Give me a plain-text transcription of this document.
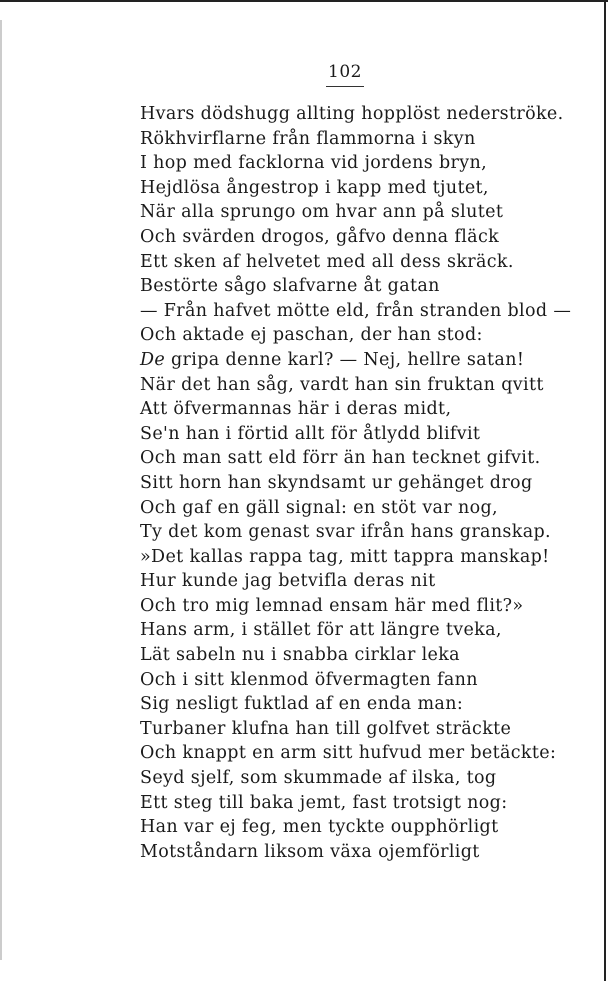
102
Hvars dödshugg allting hopplöst nederströke.
Rökhvirflarne från flammorna i skyn
I hop med facklorna vid jordens bryn,
Hejdlösa ångestrop i kapp med tjutet,
När alla sprungo om hvar ann på slutet
Och svärden drogos, gåfvo denna fläck
Ett sken af helvetet med all dess skräck.
Bestörte sågo slafvarne åt gatan
— Från hafvet mötte eld, från stranden blod —
Och aktade ej paschan, der han stod:
De gripa denne karl? — Nej, hellre satan!
När det han såg, vardt han sin fruktan qvitt
Att öfvermannas här i deras midt,
Se'n han i förtid allt för åtlydd blifvit
Och man satt eld förr än han tecknet gifvit.
Sitt horn han skyndsamt ur gehänget drog
Och gaf en gäll signal: en stöt var nog,
Ty det kom genast svar ifrån hans granskap.
»Det kallas rappa tag, mitt tappra manskap!
Hur kunde jag betvifla deras nit
Och tro mig lemnad ensam här med flit?»
Hans arm, i stället för att längre tveka,
Lät sabeln nu i snabba cirklar leka
Och i sitt klenmod öfvermagten fann
Sig nesligt fuktlad af en enda man:
Turbaner klufna han till golfvet sträckte
Och knappt en arm sitt hufvud mer betäckte:
Seyd sjelf, som skummade af ilska, tog
Ett steg till baka jemt, fast trotsigt nog:
Han var ej feg, men tyckte oupphörligt
Motståndarn liksom växa ojemförligt
